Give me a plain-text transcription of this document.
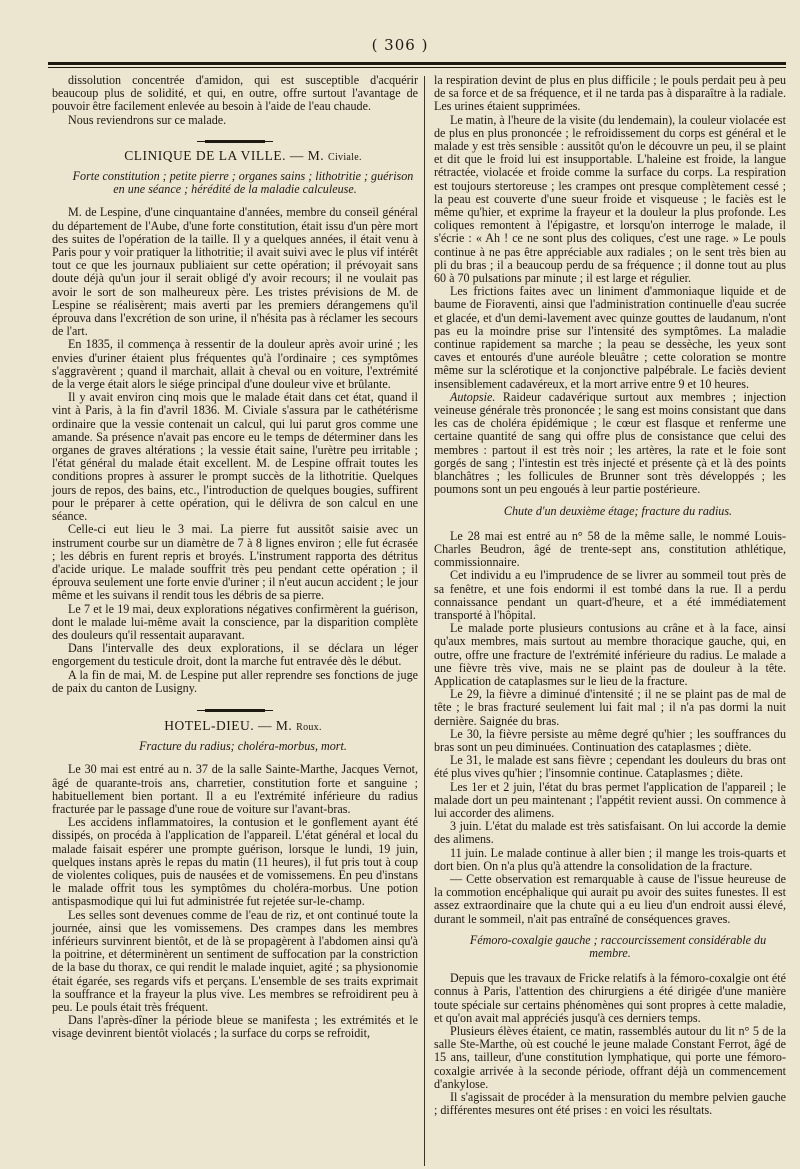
( 306 )

dissolution concentrée d'amidon, qui est susceptible d'acquérir beaucoup plus de solidité, et qui, en outre, offre surtout l'avantage de pouvoir être facilement enlevée au besoin à l'aide de l'eau chaude.

Nous reviendrons sur ce malade.

CLINIQUE DE LA VILLE. — M. Civiale.

Forte constitution ; petite pierre ; organes sains ; lithotritie ; guérison en une séance ; hérédité de la maladie calculeuse.

M. de Lespine, d'une cinquantaine d'années, membre du conseil général du département de l'Aube, d'une forte constitution, était issu d'un père mort des suites de l'opération de la taille. Il y a quelques années, il était venu à Paris pour y voir pratiquer la lithotritie; il avait suivi avec le plus vif intérêt tout ce que les journaux publiaient sur cette opération; il prévoyait sans doute déjà qu'un jour il serait obligé d'y avoir recours; il ne voulait pas avoir le sort de son malheureux père. Les tristes prévisions de M. de Lespine se réalisèrent; mais averti par les premiers dérangemens qu'il éprouva dans l'excrétion de son urine, il n'hésita pas à réclamer les secours de l'art.

En 1835, il commença à ressentir de la douleur après avoir uriné ; les envies d'uriner étaient plus fréquentes qu'à l'ordinaire ; ces symptômes s'aggravèrent ; quand il marchait, allait à cheval ou en voiture, l'extrémité de la verge était alors le siége principal d'une douleur vive et brûlante.

Il y avait environ cinq mois que le malade était dans cet état, quand il vint à Paris, à la fin d'avril 1836. M. Civiale s'assura par le cathétérisme ordinaire que la vessie contenait un calcul, qui lui parut gros comme une amande. Sa présence n'avait pas encore eu le temps de déterminer dans les organes de graves altérations ; la vessie était saine, l'urètre peu irritable ; l'état général du malade était excellent. M. de Lespine offrait toutes les conditions propres à assurer le prompt succès de la lithotritie. Quelques jours de repos, des bains, etc., l'introduction de quelques bougies, suffirent pour le préparer à cette opération, qui le délivra de son calcul en une séance.

Celle-ci eut lieu le 3 mai. La pierre fut aussitôt saisie avec un instrument courbe sur un diamètre de 7 à 8 lignes environ ; elle fut écrasée ; les débris en furent repris et broyés. L'instrument rapporta des détritus d'acide urique. Le malade souffrit très peu pendant cette opération ; il éprouva seulement une forte envie d'uriner ; il n'eut aucun accident ; le jour même et les suivans il rendit tous les débris de sa pierre.

Le 7 et le 19 mai, deux explorations négatives confirmèrent la guérison, dont le malade lui-même avait la conscience, par la disparition complète des douleurs qu'il ressentait auparavant.

Dans l'intervalle des deux explorations, il se déclara un léger engorgement du testicule droit, dont la marche fut entravée dès le début.

A la fin de mai, M. de Lespine put aller reprendre ses fonctions de juge de paix du canton de Lusigny.

HOTEL-DIEU. — M. Roux.

Fracture du radius; choléra-morbus, mort.

Le 30 mai est entré au n. 37 de la salle Sainte-Marthe, Jacques Vernot, âgé de quarante-trois ans, charretier, constitution forte et sanguine ; habituellement bien portant. Il a eu l'extrémité inférieure du radius fracturée par le passage d'une roue de voiture sur l'avant-bras.

Les accidens inflammatoires, la contusion et le gonflement ayant été dissipés, on procéda à l'application de l'appareil. L'état général et local du malade faisait espérer une prompte guérison, lorsque le lundi, 19 juin, quelques instans après le repas du matin (11 heures), il fut pris tout à coup de violentes coliques, puis de nausées et de vomissemens. En peu d'instans le malade offrit tous les symptômes du choléra-morbus. Une potion antispasmodique qui lui fut administrée fut rejetée sur-le-champ.

Les selles sont devenues comme de l'eau de riz, et ont continué toute la journée, ainsi que les vomissemens. Des crampes dans les membres inférieurs survinrent bientôt, et de là se propagèrent à l'abdomen ainsi qu'à la poitrine, et déterminèrent un sentiment de suffocation par la constriction de la base du thorax, ce qui rendit le malade inquiet, agité ; sa physionomie était égarée, ses regards vifs et perçans. L'ensemble de ses traits exprimait la souffrance et la frayeur la plus vive. Les membres se refroidirent peu à peu. Le pouls était très fréquent.

Dans l'après-dîner la période bleue se manifesta ; les extrémités et le visage devinrent bientôt violacés ; la surface du corps se refroidit,

la respiration devint de plus en plus difficile ; le pouls perdait peu à peu de sa force et de sa fréquence, et il ne tarda pas à disparaître à la radiale. Les urines étaient supprimées.

Le matin, à l'heure de la visite (du lendemain), la couleur violacée est de plus en plus prononcée ; le refroidissement du corps est général et le malade y est très sensible : aussitôt qu'on le découvre un peu, il se plaint et dit que le froid lui est insupportable. L'haleine est froide, la langue rétractée, violacée et froide comme la surface du corps. La respiration est toujours stertoreuse ; les crampes ont presque complètement cessé ; la peau est couverte d'une sueur froide et visqueuse ; le faciès est le même qu'hier, et exprime la frayeur et la douleur la plus profonde. Les coliques remontent à l'épigastre, et lorsqu'on interroge le malade, il s'écrie : « Ah ! ce ne sont plus des coliques, c'est une rage. » Le pouls continue à ne pas être appréciable aux radiales ; on le sent très bien au pli du bras ; il a beaucoup perdu de sa fréquence ; il donne tout au plus 60 à 70 pulsations par minute ; il est large et régulier.

Les frictions faites avec un liniment d'ammoniaque liquide et de baume de Fioraventi, ainsi que l'administration continuelle d'eau sucrée et glacée, et d'un demi-lavement avec quinze gouttes de laudanum, n'ont pas eu la moindre prise sur l'intensité des symptômes. La maladie continue rapidement sa marche ; la peau se dessèche, les yeux sont caves et entourés d'une auréole bleuâtre ; cette coloration se montre même sur la sclérotique et la conjonctive palpébrale. Le faciès devient insensiblement cadavéreux, et la mort arrive entre 9 et 10 heures.

Autopsie. Raideur cadavérique surtout aux membres ; injection veineuse générale très prononcée ; le sang est moins consistant que dans les cas de choléra épidémique ; le cœur est flasque et renferme une certaine quantité de sang qui offre plus de consistance que celui des membres : partout il est très noir ; les artères, la rate et le foie sont gorgés de sang ; l'intestin est très injecté et présente çà et là des points blanchâtres ; les follicules de Brunner sont très développés ; les poumons sont un peu engoués à leur partie postérieure.

Chute d'un deuxième étage; fracture du radius.

Le 28 mai est entré au n° 58 de la même salle, le nommé Louis-Charles Beudron, âgé de trente-sept ans, constitution athlétique, commissionnaire.

Cet individu a eu l'imprudence de se livrer au sommeil tout près de sa fenêtre, et une fois endormi il est tombé dans la rue. Il a perdu connaissance pendant un quart-d'heure, et a été immédiatement transporté à l'hôpital.

Le malade porte plusieurs contusions au crâne et à la face, ainsi qu'aux membres, mais surtout au membre thoracique gauche, qui, en outre, offre une fracture de l'extrémité inférieure du radius. Le malade a une fièvre très vive, mais ne se plaint pas de douleur à la tête. Application de cataplasmes sur le lieu de la fracture.

Le 29, la fièvre a diminué d'intensité ; il ne se plaint pas de mal de tête ; le bras fracturé seulement lui fait mal ; il n'a pas dormi la nuit dernière. Saignée du bras.

Le 30, la fièvre persiste au même degré qu'hier ; les souffrances du bras sont un peu diminuées. Continuation des cataplasmes ; diète.

Le 31, le malade est sans fièvre ; cependant les douleurs du bras ont été plus vives qu'hier ; l'insomnie continue. Cataplasmes ; diète.

Les 1er et 2 juin, l'état du bras permet l'application de l'appareil ; le malade dort un peu maintenant ; l'appétit revient aussi. On commence à lui accorder des alimens.

3 juin. L'état du malade est très satisfaisant. On lui accorde la demie des alimens.

11 juin. Le malade continue à aller bien ; il mange les trois-quarts et dort bien. On n'a plus qu'à attendre la consolidation de la fracture.

— Cette observation est remarquable à cause de l'issue heureuse de la commotion encéphalique qui aurait pu avoir des suites funestes. Il est assez extraordinaire que la chute qui a eu lieu d'un endroit aussi élevé, durant le sommeil, n'ait pas entraîné de conséquences graves.

Fémoro-coxalgie gauche ; raccourcissement considérable du membre.

Depuis que les travaux de Fricke relatifs à la fémoro-coxalgie ont été connus à Paris, l'attention des chirurgiens a été dirigée d'une manière toute spéciale sur certains phénomènes qui sont propres à cette maladie, et qu'on avait mal appréciés jusqu'à ces derniers temps.

Plusieurs élèves étaient, ce matin, rassemblés autour du lit n° 5 de la salle Ste-Marthe, où est couché le jeune malade Constant Ferrot, âgé de 15 ans, tailleur, d'une constitution lymphatique, qui porte une fémoro-coxalgie arrivée à la seconde période, offrant déjà un commencement d'ankylose.

Il s'agissait de procéder à la mensuration du membre pelvien gauche ; différentes mesures ont été prises : en voici les résultats.
